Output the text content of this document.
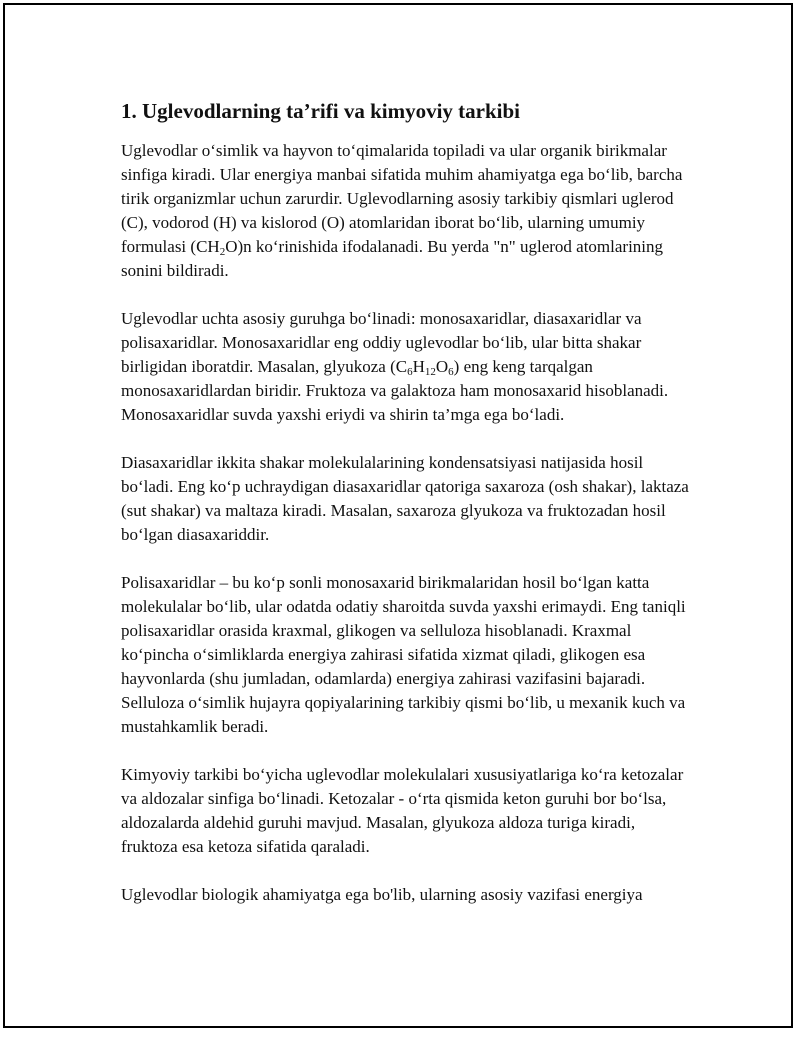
1. Uglevodlarning ta’rifi va kimyoviy tarkibi

Uglevodlar o‘simlik va hayvon to‘qimalarida topiladi va ular organik birikmalar sinfiga kiradi. Ular energiya manbai sifatida muhim ahamiyatga ega bo‘lib, barcha tirik organizmlar uchun zarurdir. Uglevodlarning asosiy tarkibiy qismlari uglerod (C), vodorod (H) va kislorod (O) atomlaridan iborat bo‘lib, ularning umumiy formulasi $(CH_2O)n$ ko‘rinishida ifodalanadi. Bu yerda "n" uglerod atomlarining sonini bildiradi.

Uglevodlar uchta asosiy guruhga bo‘linadi: monosaxaridlar, diasaxaridlar va polisaxaridlar. Monosaxaridlar eng oddiy uglevodlar bo‘lib, ular bitta shakar birligidan iboratdir. Masalan, glyukoza $(C_6H_{12}O_6)$ eng keng tarqalgan monosaxaridlardan biridir. Fruktoza va galaktoza ham monosaxarid hisoblanadi. Monosaxaridlar suvda yaxshi eriydi va shirin ta’mga ega bo‘ladi.

Diasaxaridlar ikkita shakar molekulalarining kondensatsiyasi natijasida hosil bo‘ladi. Eng ko‘p uchraydigan diasaxaridlar qatoriga saxaroza (osh shakar), laktaza (sut shakar) va maltaza kiradi. Masalan, saxaroza glyukoza va fruktozadan hosil bo‘lgan diasaxariddir.

Polisaxaridlar – bu ko‘p sonli monosaxarid birikmalaridan hosil bo‘lgan katta molekulalar bo‘lib, ular odatda odatiy sharoitda suvda yaxshi erimaydi. Eng taniqli polisaxaridlar orasida kraxmal, glikogen va selluloza hisoblanadi. Kraxmal ko‘pincha o‘simliklarda energiya zahirasi sifatida xizmat qiladi, glikogen esa hayvonlarda (shu jumladan, odamlarda) energiya zahirasi vazifasini bajaradi. Selluloza o‘simlik hujayra qopiyalarining tarkibiy qismi bo‘lib, u mexanik kuch va mustahkamlik beradi.

Kimyoviy tarkibi bo‘yicha uglevodlar molekulalari xususiyatlariga ko‘ra ketozalar va aldozalar sinfiga bo‘linadi. Ketozalar - o‘rta qismida keton guruhi bor bo‘lsa, aldozalarda aldehid guruhi mavjud. Masalan, glyukoza aldoza turiga kiradi, fruktoza esa ketoza sifatida qaraladi.

Uglevodlar biologik ahamiyatga ega bo'lib, ularning asosiy vazifasi energiya
